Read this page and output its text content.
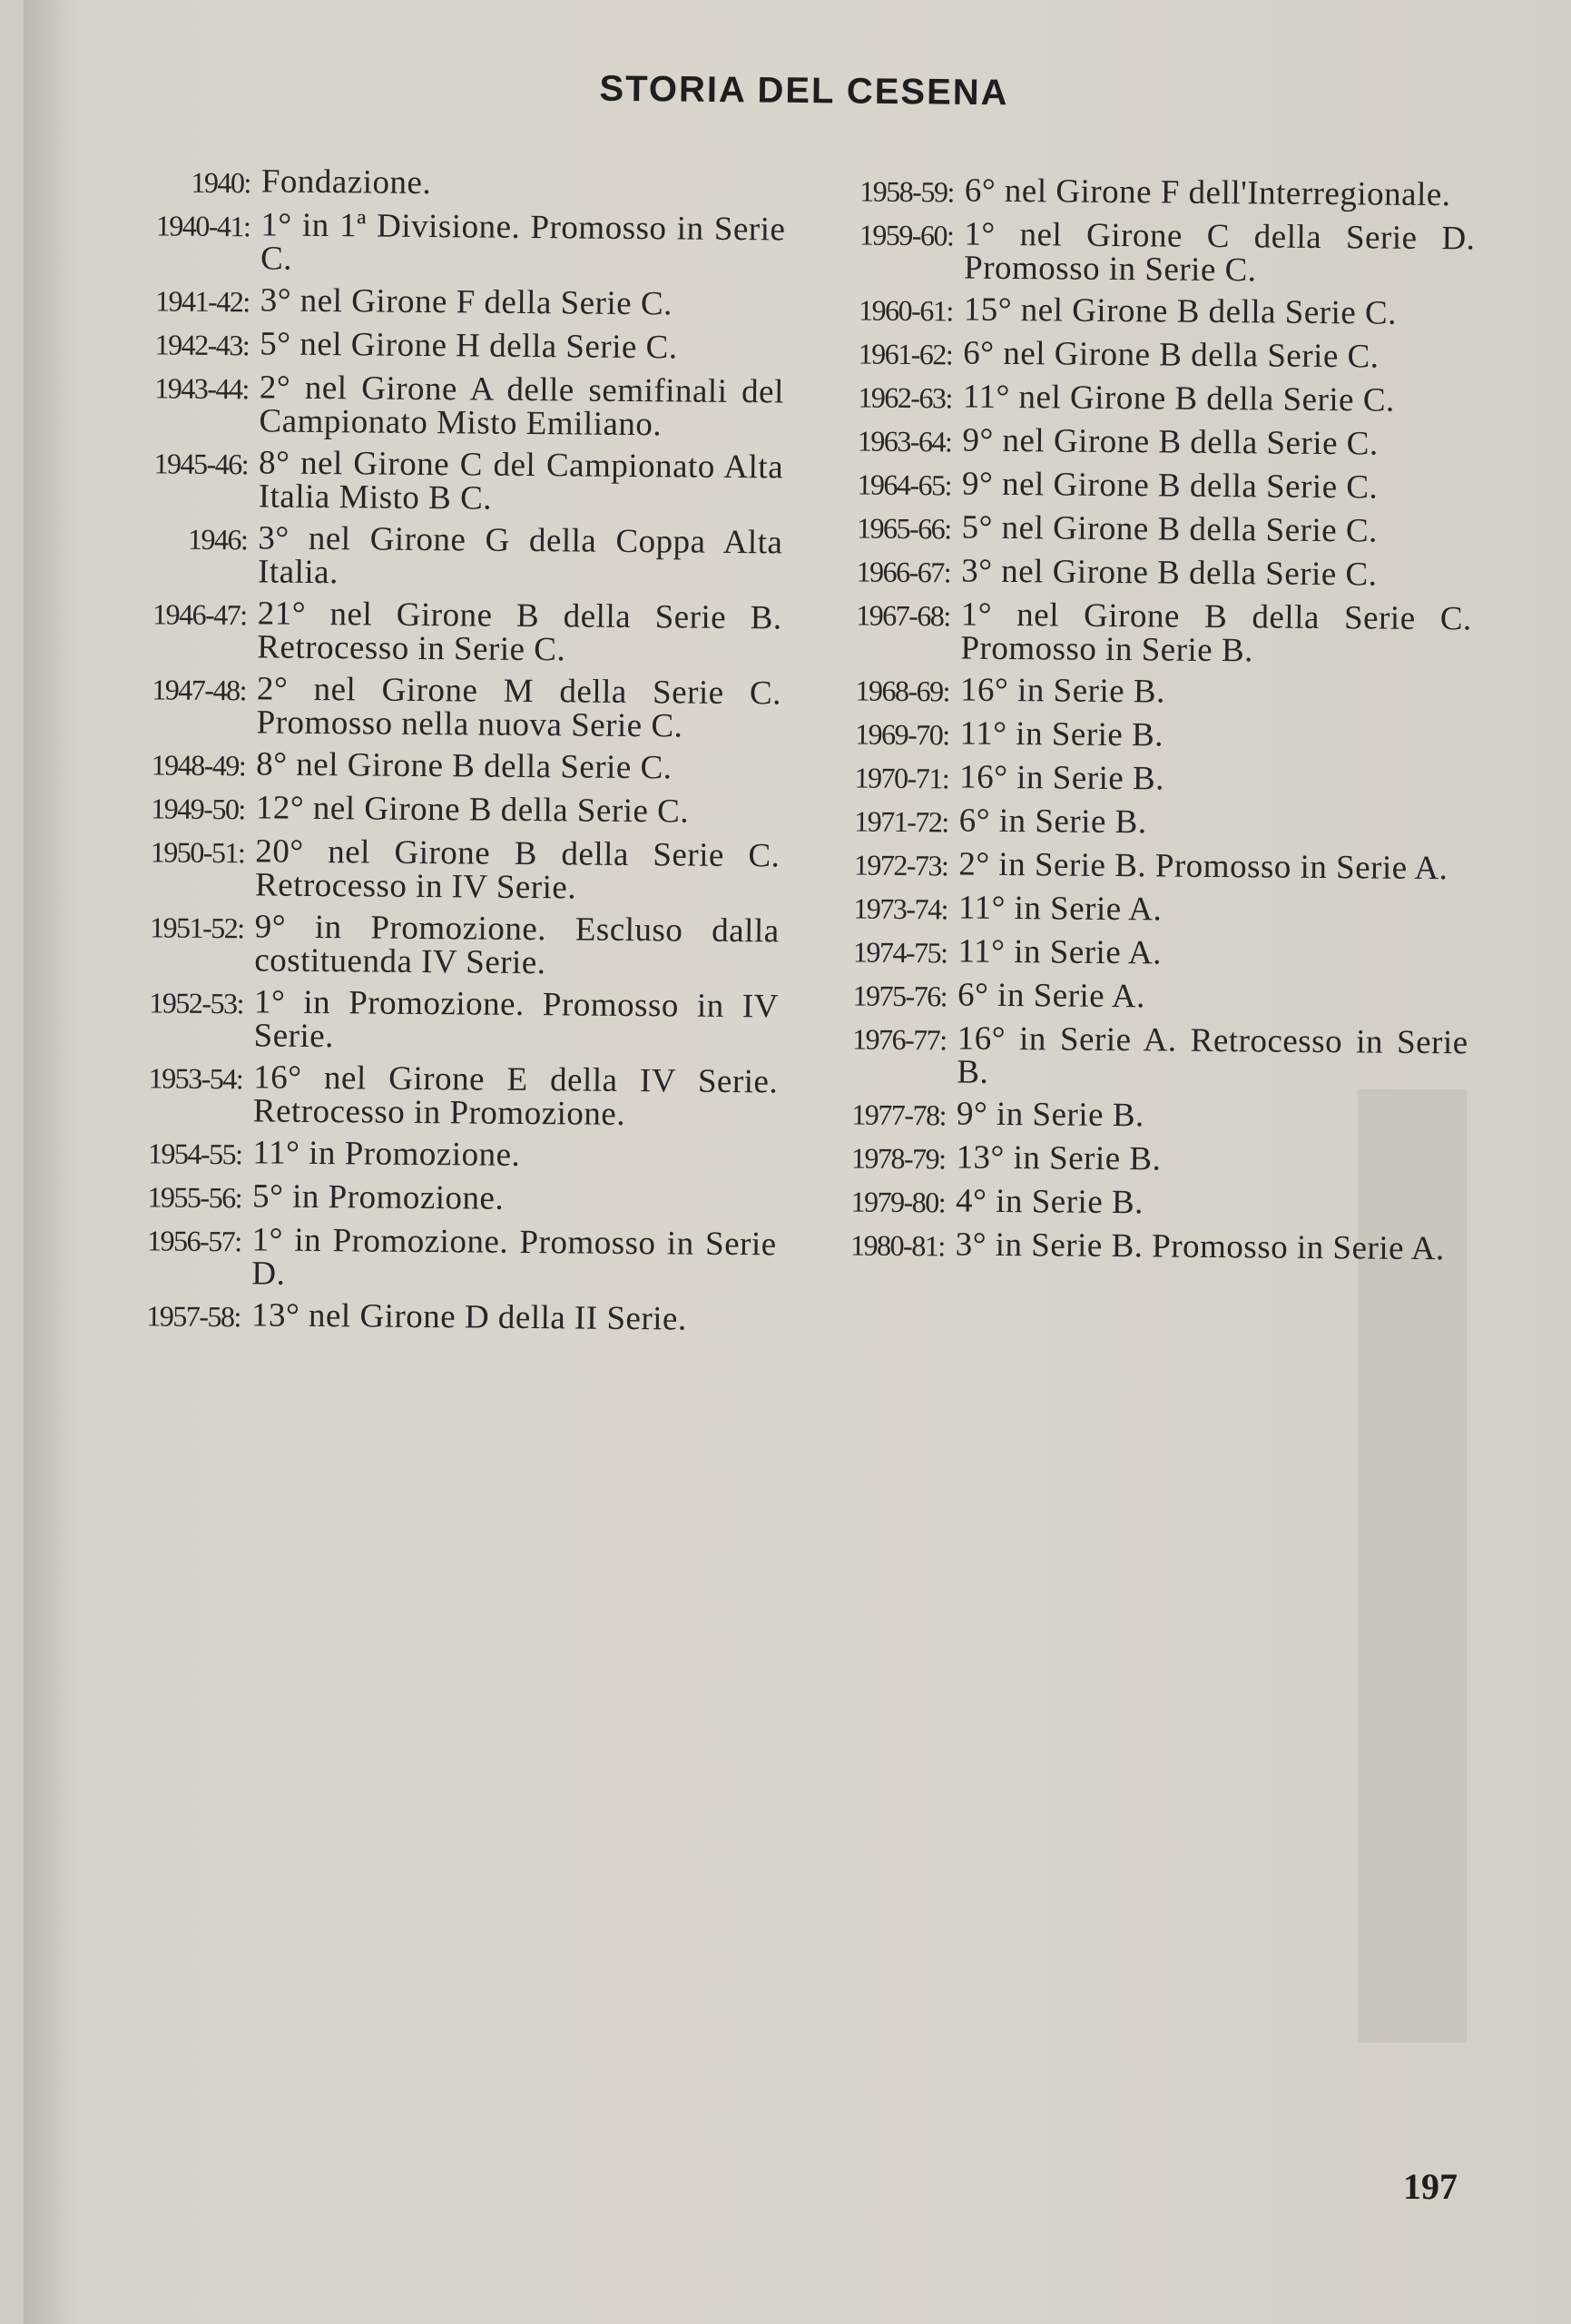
STORIA DEL CESENA
1940: Fondazione.
1940-41: 1° in 1ª Divisione. Promosso in Serie C.
1941-42: 3° nel Girone F della Serie C.
1942-43: 5° nel Girone H della Serie C.
1943-44: 2° nel Girone A delle semifinali del Campionato Misto Emiliano.
1945-46: 8° nel Girone C del Campionato Alta Italia Misto B C.
1946: 3° nel Girone G della Coppa Alta Italia.
1946-47: 21° nel Girone B della Serie B. Retrocesso in Serie C.
1947-48: 2° nel Girone M della Serie C. Promosso nella nuova Serie C.
1948-49: 8° nel Girone B della Serie C.
1949-50: 12° nel Girone B della Serie C.
1950-51: 20° nel Girone B della Serie C. Retrocesso in IV Serie.
1951-52: 9° in Promozione. Escluso dalla costituenda IV Serie.
1952-53: 1° in Promozione. Promosso in IV Serie.
1953-54: 16° nel Girone E della IV Serie. Retrocesso in Promozione.
1954-55: 11° in Promozione.
1955-56: 5° in Promozione.
1956-57: 1° in Promozione. Promosso in Serie D.
1957-58: 13° nel Girone D della II Serie.
1958-59: 6° nel Girone F dell'Interregionale.
1959-60: 1° nel Girone C della Serie D. Promosso in Serie C.
1960-61: 15° nel Girone B della Serie C.
1961-62: 6° nel Girone B della Serie C.
1962-63: 11° nel Girone B della Serie C.
1963-64: 9° nel Girone B della Serie C.
1964-65: 9° nel Girone B della Serie C.
1965-66: 5° nel Girone B della Serie C.
1966-67: 3° nel Girone B della Serie C.
1967-68: 1° nel Girone B della Serie C. Promosso in Serie B.
1968-69: 16° in Serie B.
1969-70: 11° in Serie B.
1970-71: 16° in Serie B.
1971-72: 6° in Serie B.
1972-73: 2° in Serie B. Promosso in Serie A.
1973-74: 11° in Serie A.
1974-75: 11° in Serie A.
1975-76: 6° in Serie A.
1976-77: 16° in Serie A. Retrocesso in Serie B.
1977-78: 9° in Serie B.
1978-79: 13° in Serie B.
1979-80: 4° in Serie B.
1980-81: 3° in Serie B. Promosso in Serie A.
197
